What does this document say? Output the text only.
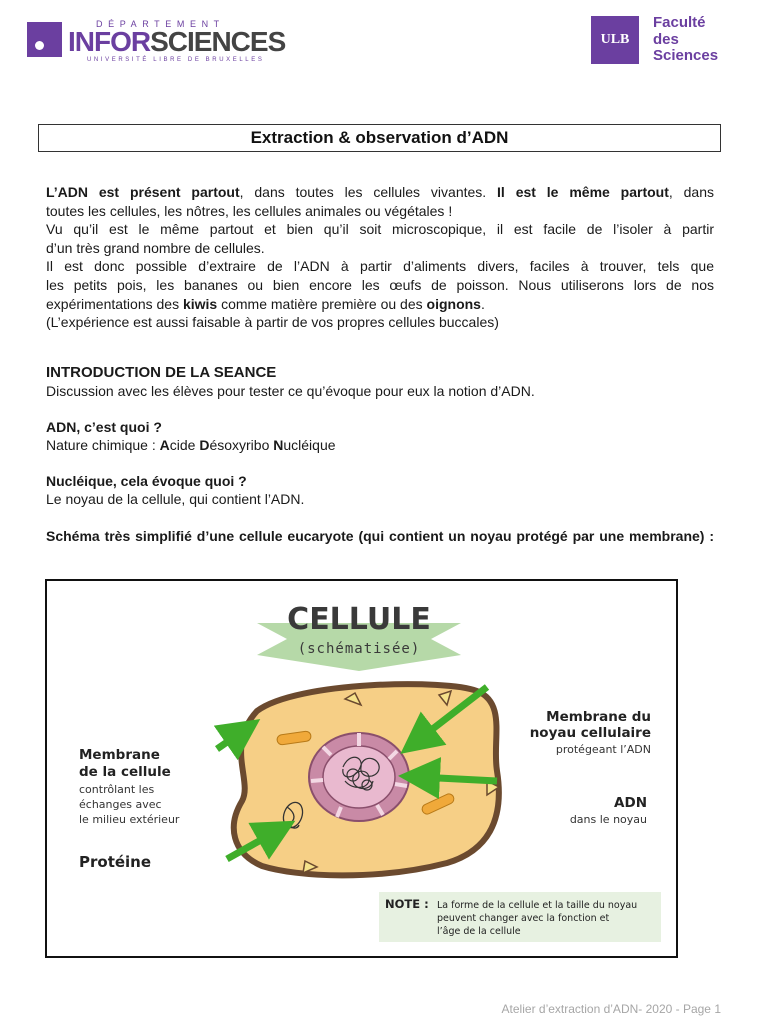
DÉPARTEMENT
INFORSCIENCES
UNIVERSITÉ LIBRE DE BRUXELLES
ULB
Faculté
des
Sciences
Extraction & observation d’ADN
L’ADN est présent partout, dans toutes les cellules vivantes. Il est le même partout, dans
toutes les cellules, les nôtres, les cellules animales ou végétales !
Vu qu’il est le même partout et bien qu’il soit microscopique, il est facile de l’isoler à partir
d’un très grand nombre de cellules.
Il est donc possible d’extraire de l’ADN à partir d’aliments divers, faciles à trouver, tels que
les petits pois, les bananes ou bien encore les œufs de poisson. Nous utiliserons lors de nos
expérimentations des kiwis comme matière première ou des oignons.
(L’expérience est aussi faisable à partir de vos propres cellules buccales)
INTRODUCTION DE LA SEANCE
Discussion avec les élèves pour tester ce qu’évoque pour eux la notion d’ADN.
ADN, c’est quoi ?
Nature chimique : Acide Désoxyribo Nucléique
Nucléique, cela évoque quoi ?
Le noyau de la cellule, qui contient l’ADN.
Schéma très simplifié d’une cellule eucaryote (qui contient un noyau protégé par une membrane) :
CELLULE
(schématisée)
Membrane du
noyau cellulaire
protégeant l’ADN
Membrane
de la cellule
contrôlant les
échanges avec
le milieu extérieur
ADN
dans le noyau
Protéine
NOTE : La forme de la cellule et la taille du noyau
peuvent changer avec la fonction et
l’âge de la cellule
Atelier d’extraction d’ADN- 2020 - Page 1
